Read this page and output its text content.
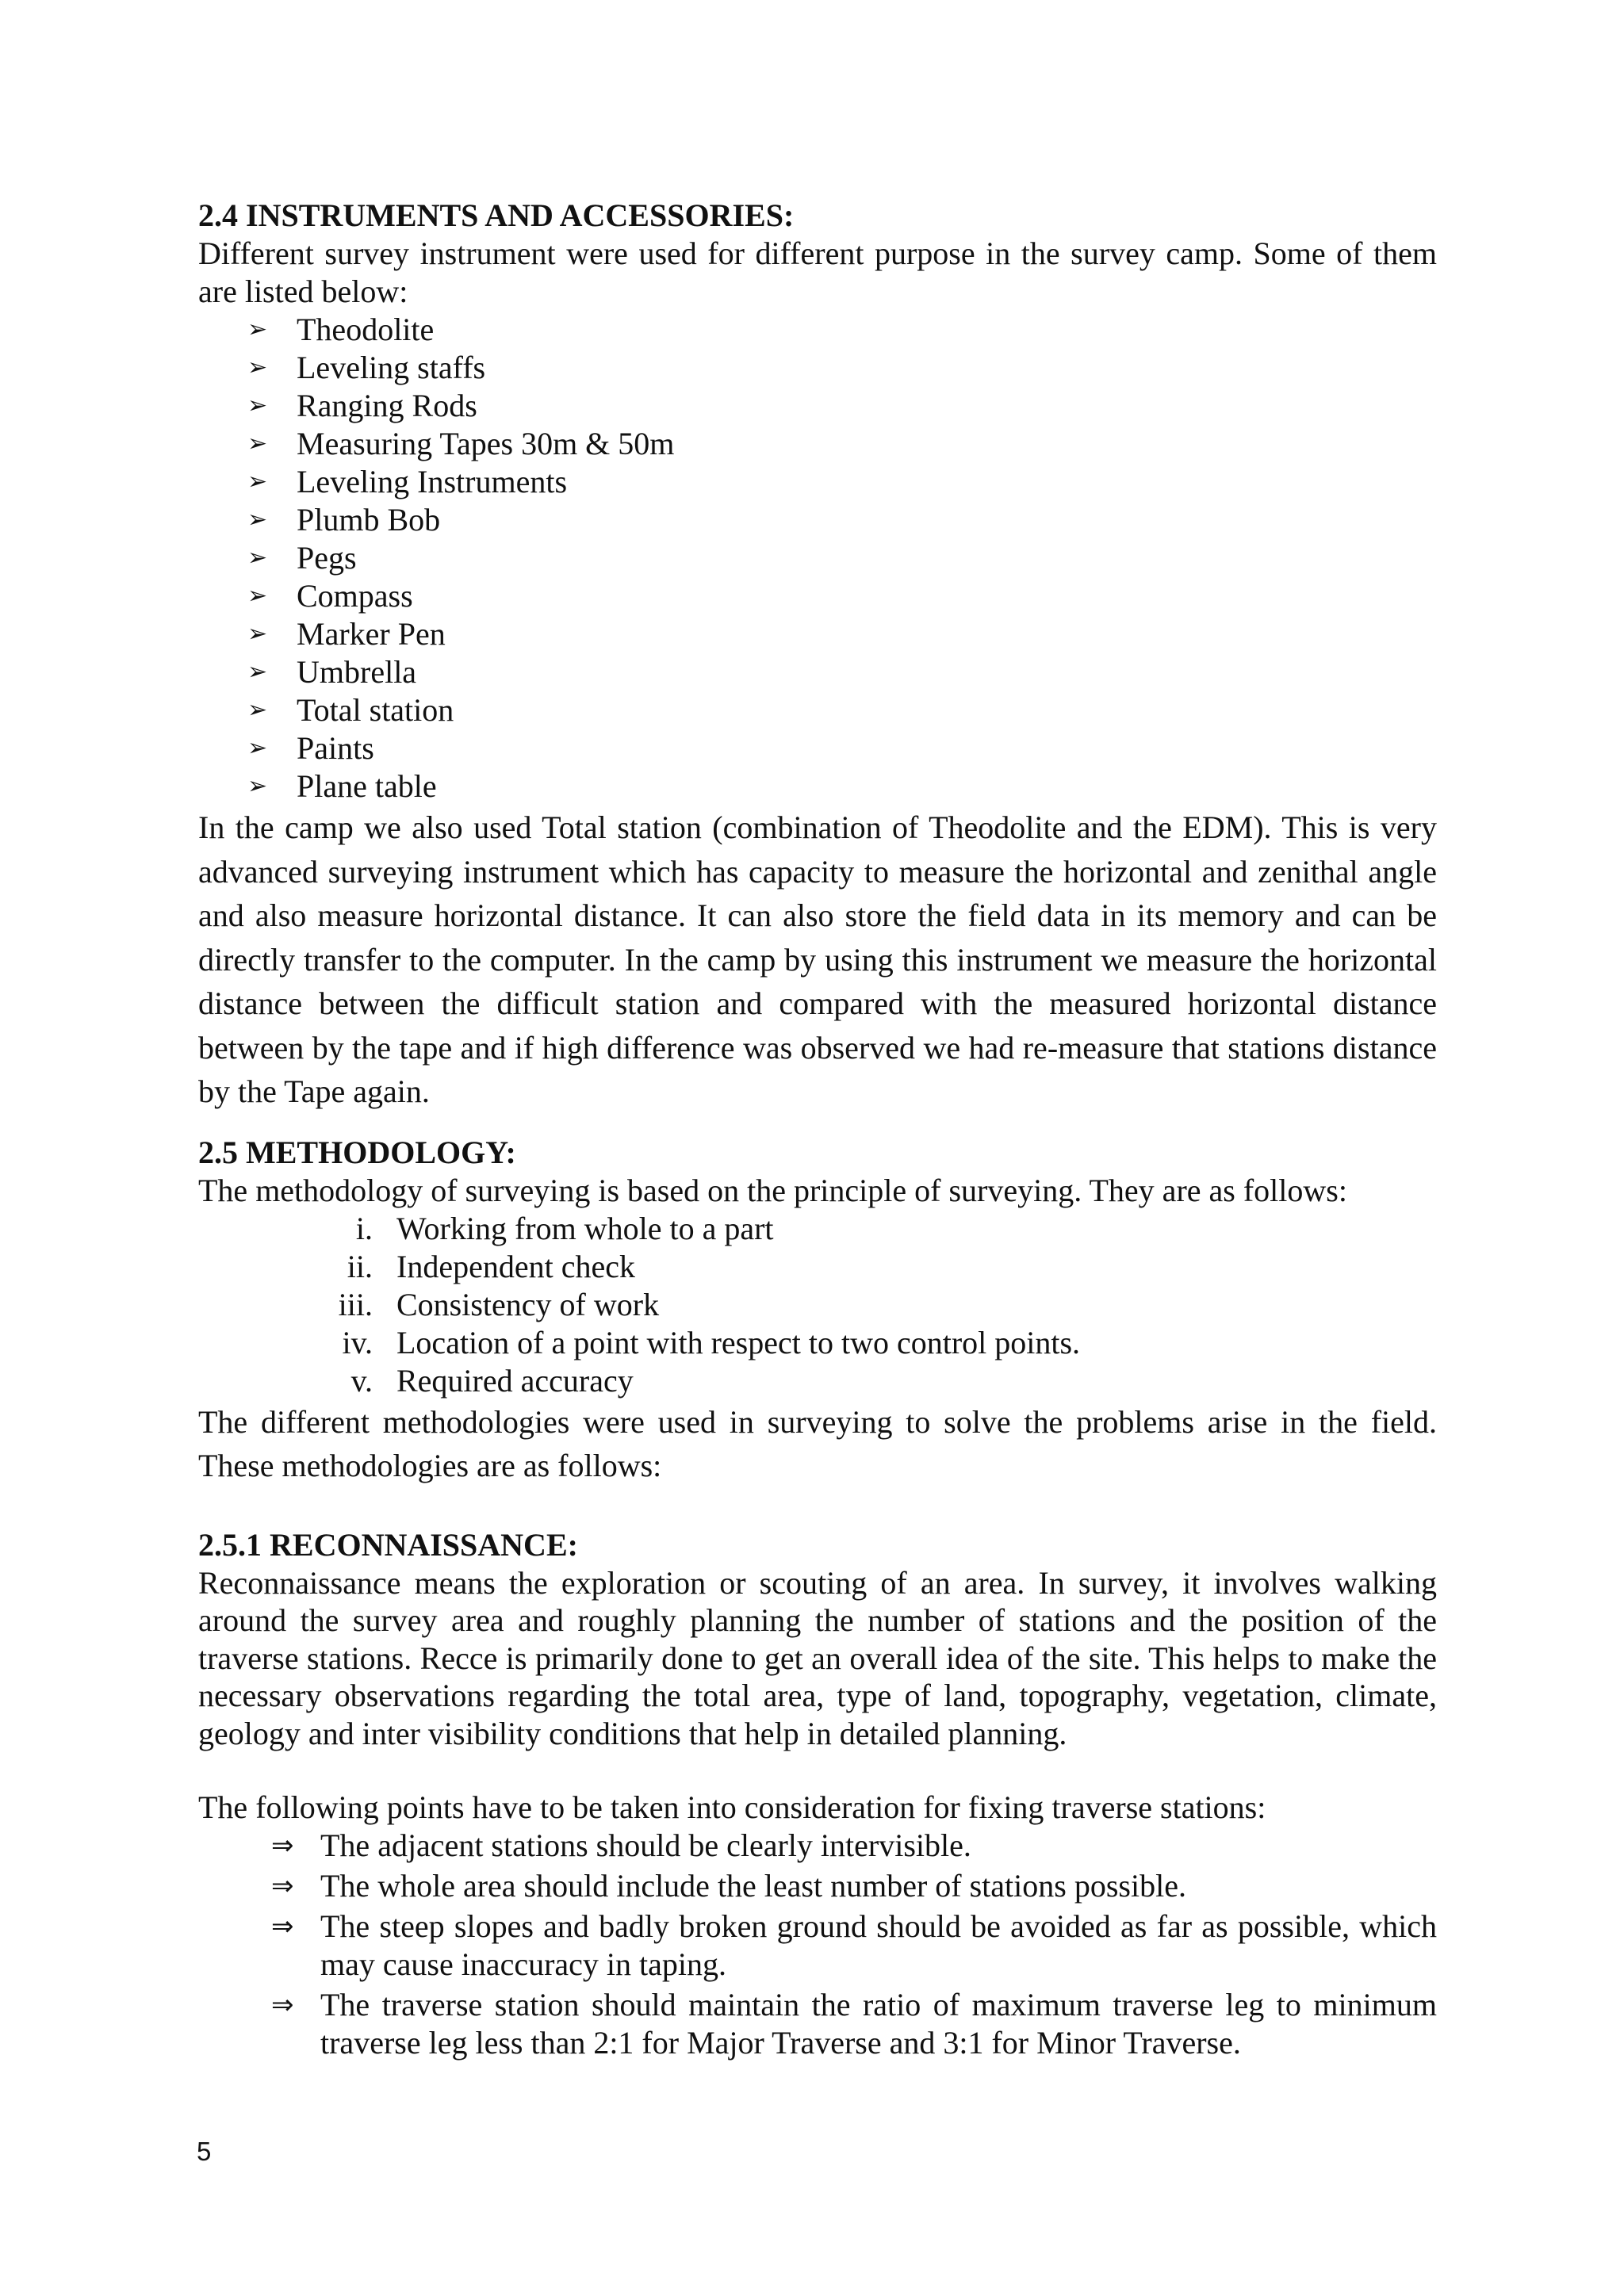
2.4 INSTRUMENTS AND ACCESSORIES:

Different survey instrument were used for different purpose in the survey camp. Some of them are listed below:

➢ Theodolite
➢ Leveling staffs
➢ Ranging Rods
➢ Measuring Tapes 30m & 50m
➢ Leveling Instruments
➢ Plumb Bob
➢ Pegs
➢ Compass
➢ Marker Pen
➢ Umbrella
➢ Total station
➢ Paints
➢ Plane table

In the camp we also used Total station (combination of Theodolite and the EDM). This is very advanced surveying instrument which has capacity to measure the horizontal and zenithal angle and also measure horizontal distance. It can also store the field data in its memory and can be directly transfer to the computer. In the camp by using this instrument we measure the horizontal distance between the difficult station and compared with the measured horizontal distance between by the tape and if high difference was observed we had re-measure that stations distance by the Tape again.

2.5 METHODOLOGY:

The methodology of surveying is based on the principle of surveying. They are as follows:

i. Working from whole to a part
ii. Independent check
iii. Consistency of work
iv. Location of a point with respect to two control points.
v. Required accuracy

The different methodologies were used in surveying to solve the problems arise in the field. These methodologies are as follows:

2.5.1 RECONNAISSANCE:

Reconnaissance means the exploration or scouting of an area. In survey, it involves walking around the survey area and roughly planning the number of stations and the position of the traverse stations. Recce is primarily done to get an overall idea of the site. This helps to make the necessary observations regarding the total area, type of land, topography, vegetation, climate, geology and inter visibility conditions that help in detailed planning.

The following points have to be taken into consideration for fixing traverse stations:

⇒ The adjacent stations should be clearly intervisible.
⇒ The whole area should include the least number of stations possible.
⇒ The steep slopes and badly broken ground should be avoided as far as possible, which may cause inaccuracy in taping.
⇒ The traverse station should maintain the ratio of maximum traverse leg to minimum traverse leg less than 2:1 for Major Traverse and 3:1 for Minor Traverse.
5
